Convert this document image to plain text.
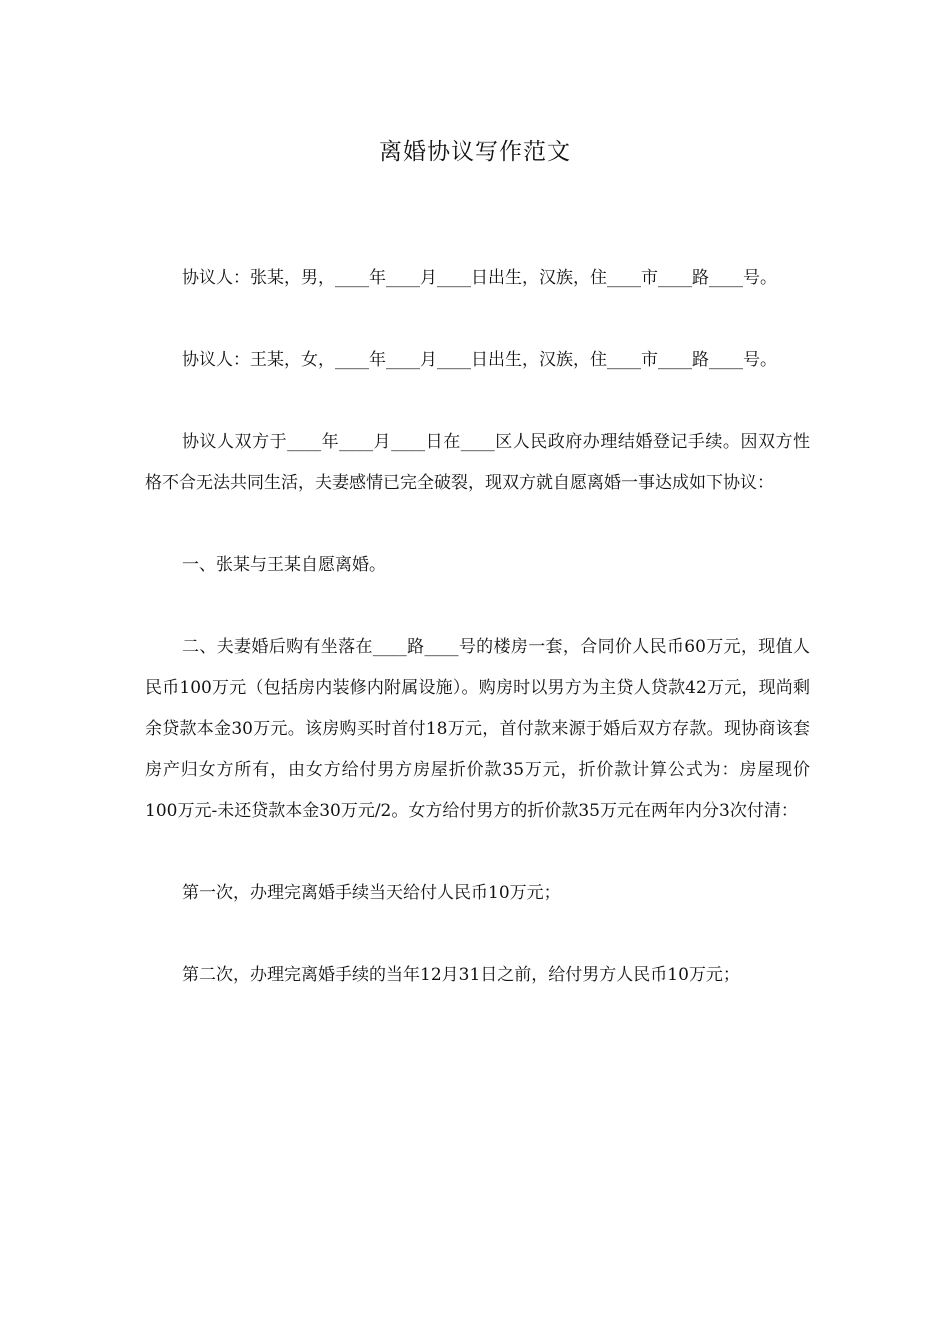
离婚协议写作范文

协议人：张某，男，____年____月____日出生，汉族，住____市____路____号。

协议人：王某，女，____年____月____日出生，汉族，住____市____路____号。

协议人双方于____年____月____日在____区人民政府办理结婚登记手续。因双方性格不合无法共同生活，夫妻感情已完全破裂，现双方就自愿离婚一事达成如下协议：

一、张某与王某自愿离婚。

二、夫妻婚后购有坐落在____路____号的楼房一套，合同价人民币60万元，现值人民币100万元（包括房内装修内附属设施）。购房时以男方为主贷人贷款42万元，现尚剩余贷款本金30万元。该房购买时首付18万元，首付款来源于婚后双方存款。现协商该套房产归女方所有，由女方给付男方房屋折价款35万元，折价款计算公式为：房屋现价100万元-未还贷款本金30万元/2。女方给付男方的折价款35万元在两年内分3次付清：

第一次，办理完离婚手续当天给付人民币10万元；

第二次，办理完离婚手续的当年12月31日之前，给付男方人民币10万元；
